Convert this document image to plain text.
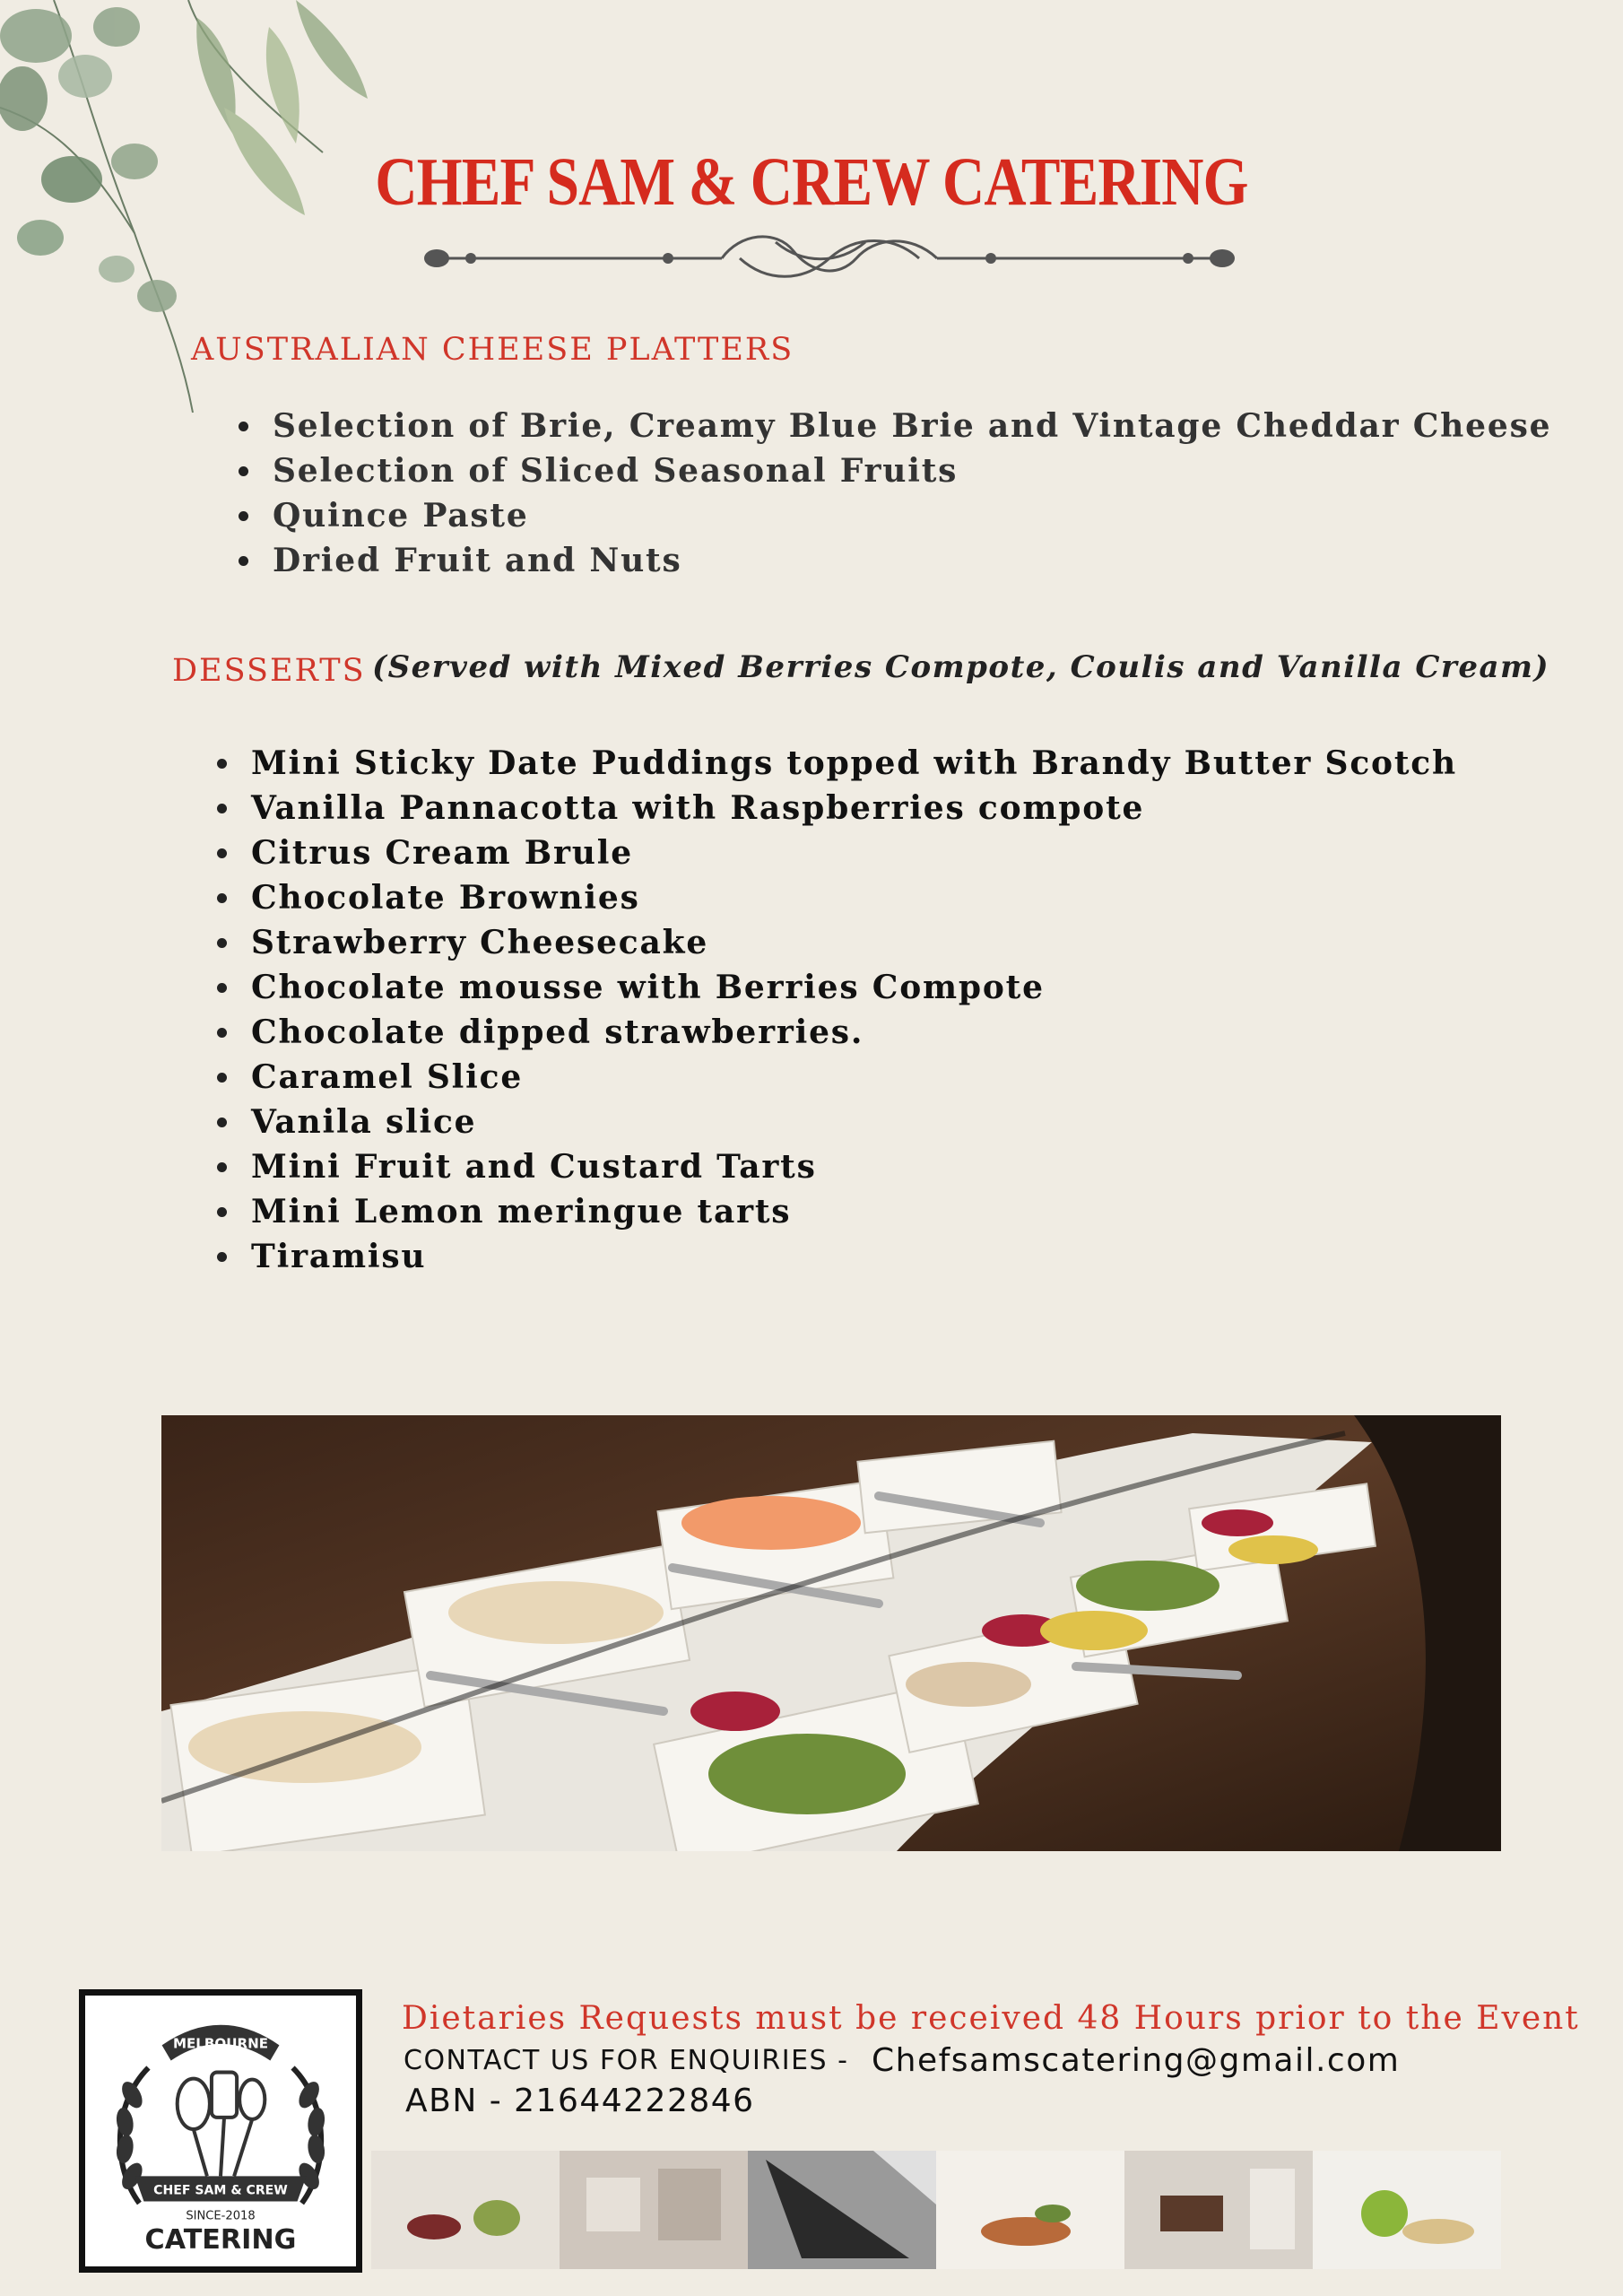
CHEF SAM & CREW CATERING
AUSTRALIAN CHEESE PLATTERS
Selection of Brie, Creamy Blue Brie and Vintage Cheddar Cheese
Selection of Sliced Seasonal Fruits
Quince Paste
Dried Fruit and Nuts
DESSERTS (Served with Mixed Berries Compote, Coulis and Vanilla Cream)
Mini Sticky Date Puddings topped with Brandy Butter Scotch
Vanilla Pannacotta with Raspberries compote
Citrus Cream Brule
Chocolate Brownies
Strawberry Cheesecake
Chocolate mousse with Berries Compote
Chocolate dipped strawberries.
Caramel Slice
Vanila slice
Mini Fruit and Custard Tarts
Mini Lemon meringue tarts
Tiramisu
MELBOURNE
CHEF SAM & CREW
SINCE-2018
CATERING
Dietaries Requests must be received 48 Hours prior to the Event
CONTACT US FOR ENQUIRIES - Chefsamscatering@gmail.com
ABN - 21644222846
